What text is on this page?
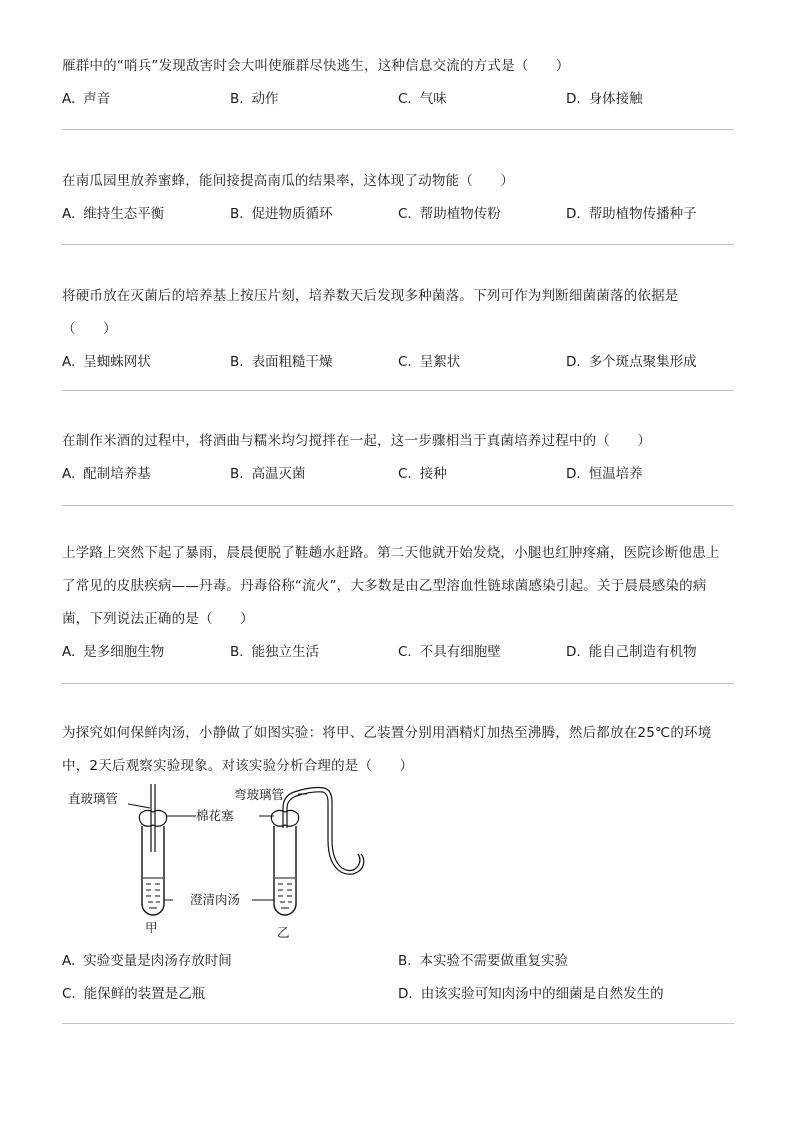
雁群中的“哨兵”发现敌害时会大叫使雁群尽快逃生，这种信息交流的方式是（　　）
A. 声音	B. 动作	C. 气味	D. 身体接触
在南瓜园里放养蜜蜂，能间接提高南瓜的结果率，这体现了动物能（　　）
A. 维持生态平衡	B. 促进物质循环	C. 帮助植物传粉	D. 帮助植物传播种子
将硬币放在灭菌后的培养基上按压片刻，培养数天后发现多种菌落。下列可作为判断细菌菌落的依据是
（　　）
A. 呈蜘蛛网状	B. 表面粗糙干燥	C. 呈絮状	D. 多个斑点聚集形成
在制作米酒的过程中，将酒曲与糯米均匀搅拌在一起，这一步骤相当于真菌培养过程中的（　　）
A. 配制培养基	B. 高温灭菌	C. 接种	D. 恒温培养
上学路上突然下起了暴雨，晨晨便脱了鞋趟水赶路。第二天他就开始发烧，小腿也红肿疼痛，医院诊断他患上
了常见的皮肤疾病——丹毒。丹毒俗称“流火”，大多数是由乙型溶血性链球菌感染引起。关于晨晨感染的病
菌，下列说法正确的是（　　）
A. 是多细胞生物	B. 能独立生活	C. 不具有细胞壁	D. 能自己制造有机物
为探究如何保鲜肉汤，小静做了如图实验：将甲、乙装置分别用酒精灯加热至沸腾，然后都放在25℃的环境
中，2天后观察实验现象。对该实验分析合理的是（　　）
直玻璃管	弯玻璃管
棉花塞
澄清肉汤
甲	乙
A. 实验变量是肉汤存放时间	B. 本实验不需要做重复实验
C. 能保鲜的装置是乙瓶	D. 由该实验可知肉汤中的细菌是自然发生的
